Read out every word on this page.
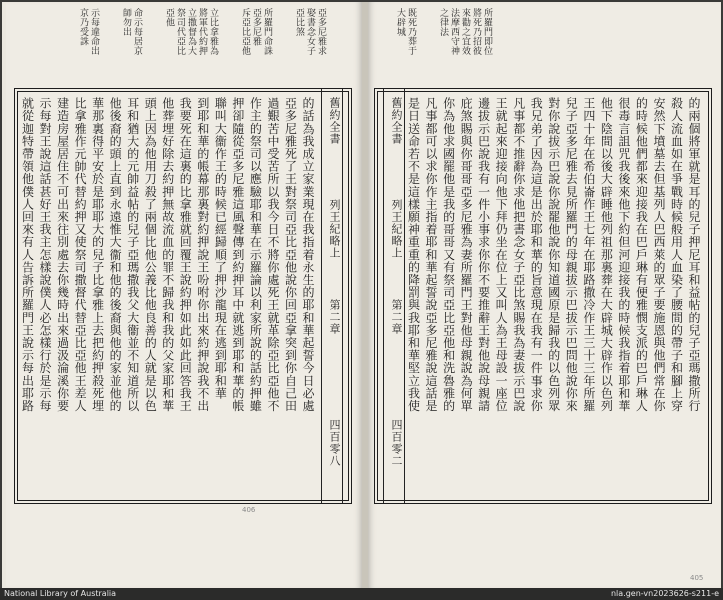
亞多尼雅求
娶書念女子
亞比煞
所羅門命誅
亞多尼雅
斥亞比亞他
立比拿雅為
將軍代約押
立撒督為大
祭司代亞比
亞他
命示每居京
師勿出
示每違命出
京乃受誅
的話為我成立家業現在我指着永生的耶和華起誓今日必處
亞多尼雅死了王對祭司亞比亞他說你回亞拿突到你自己田
過艱苦中受苦所以我今日不將你處死王就革除亞比亞他不
作主的祭司以應驗耶和華在示羅論以利家所說的話約押雖
押卻隨從亞多尼雅這風聲傳到約押耳中就逃到耶和華的帳
聯叫大衞作王的時候已經歸順了押沙龍現在逃到耶和華
到耶和華的帳幕那裏對約押說王吩咐你出來約押說我不出
我要死在這裏的比拿雅就回覆王說約押如此如此回答我王
他葬埋好除去約押無故流血的罪不歸我和我的父家耶和華
頭上因為他用刀殺了兩個比他公義比他良善的人就是以色
耳和猶大的元帥益帖的兒子亞瑪撒我父大衞並不知道所以
他後裔的頭上直到永遠惟大衞和他的後裔與他的家並他的
華那裏得平安於是耶耶大的兒子比拿雅上去把約押殺死埋
比拿雅作元帥代替約押又使祭司撒督代替亞比亞他王差人
建造房屋居住不可出來往別處去你幾時出來過汲淪溪你要
示每對王說這話甚好王我主怎樣說僕人必怎樣行於是示每
就從迦特帶領他僕人回來有人告訴所羅門王說示每出耶路	舊約全書
列王紀略上
第二章
四百零八
406
所羅門即位
將死乃招彼
來勸之宜效
法摩西守神
之律法
既死乃葬于
大辟城
舊約全書
列王紀略上
第二章
四百零二
的兩個將軍就是耳的兒子押尼耳和益帖的兒子亞瑪撒所行
殺人流血如在爭戰時候般用人血染了腰間的帶子和腳上穿
安然下墳墓去但基列人巴西萊的眾子要施恩與他們常在你
的時候他們都來迎接我在巴戶琳有便雅憫支派的巴戶琳人
很毒言詛咒我後來他下約但河迎接我的時候我指着耶和華
他下陰間以後大辟睡他列祖那裏葬在大辟城大辟作以色列
王四十年在希伯崙作王七年在耶路撒冷作王三十三年所羅
兒子亞多尼雅去見所羅門的母親拔示巴拔示巴問他說你來
對你說拔示巴說你說罷他說你知道國原是歸我的以色列眾
我兄弟了因為這是出於耶和華的旨意現在我有一件事求你
凡事都不推辭你求他把書念女子亞比煞賜我為妻拔示巴說
王就起來迎接向他下拜仍坐在位上又叫人為王母設一座位
邊拔示巴說我有一件小事求你你不要推辭王對他說母親請
庇煞賜與你哥哥亞多尼雅為妻所羅門王對他母親說為何單
你為他求國罷他是我的哥哥又有祭司亞比亞他和洗魯雅的
凡事都可以求你作主指着耶和華起誓說亞多尼雅說這話是
是日送命若不是這樣願神重重的降罰與我耶和華堅立我使
405
National Library of Australia	nla.gen-vn2023626-s211-e
